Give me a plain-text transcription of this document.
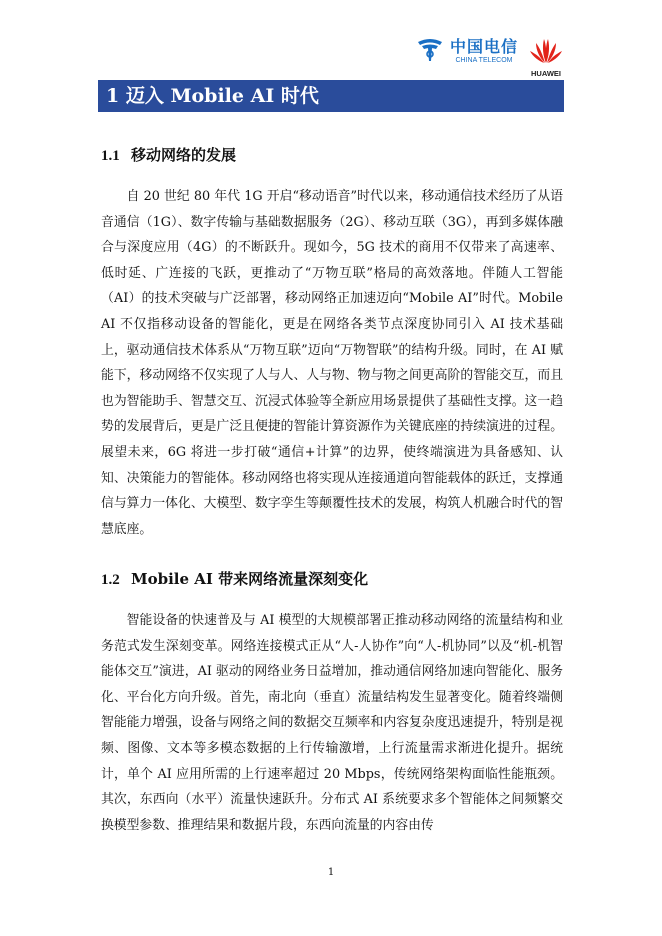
中国电信
CHINA TELECOM
HUAWEI
1 迈入 Mobile AI 时代
1.1 移动网络的发展

自 20 世纪 80 年代 1G 开启“移动语音”时代以来，移动通信技术经历了从语音通信（1G）、数字传输与基础数据服务（2G）、移动互联（3G），再到多媒体融合与深度应用（4G）的不断跃升。现如今，5G 技术的商用不仅带来了高速率、低时延、广连接的飞跃，更推动了“万物互联”格局的高效落地。伴随人工智能（AI）的技术突破与广泛部署，移动网络正加速迈向“Mobile AI”时代。Mobile AI 不仅指移动设备的智能化，更是在网络各类节点深度协同引入 AI 技术基础上，驱动通信技术体系从“万物互联”迈向“万物智联”的结构升级。同时，在 AI 赋能下，移动网络不仅实现了人与人、人与物、物与物之间更高阶的智能交互，而且也为智能助手、智慧交互、沉浸式体验等全新应用场景提供了基础性支撑。这一趋势的发展背后，更是广泛且便捷的智能计算资源作为关键底座的持续演进的过程。展望未来，6G 将进一步打破“通信+计算”的边界，使终端演进为具备感知、认知、决策能力的智能体。移动网络也将实现从连接通道向智能载体的跃迁，支撑通信与算力一体化、大模型、数字孪生等颠覆性技术的发展，构筑人机融合时代的智慧底座。

1.2 Mobile AI 带来网络流量深刻变化

智能设备的快速普及与 AI 模型的大规模部署正推动移动网络的流量结构和业务范式发生深刻变革。网络连接模式正从“人-人协作”向“人-机协同”以及“机-机智能体交互”演进，AI 驱动的网络业务日益增加，推动通信网络加速向智能化、服务化、平台化方向升级。首先，南北向（垂直）流量结构发生显著变化。随着终端侧智能能力增强，设备与网络之间的数据交互频率和内容复杂度迅速提升，特别是视频、图像、文本等多模态数据的上行传输激增，上行流量需求渐进化提升。据统计，单个 AI 应用所需的上行速率超过 20 Mbps，传统网络架构面临性能瓶颈。其次，东西向（水平）流量快速跃升。分布式 AI 系统要求多个智能体之间频繁交换模型参数、推理结果和数据片段，东西向流量的内容由传

1
